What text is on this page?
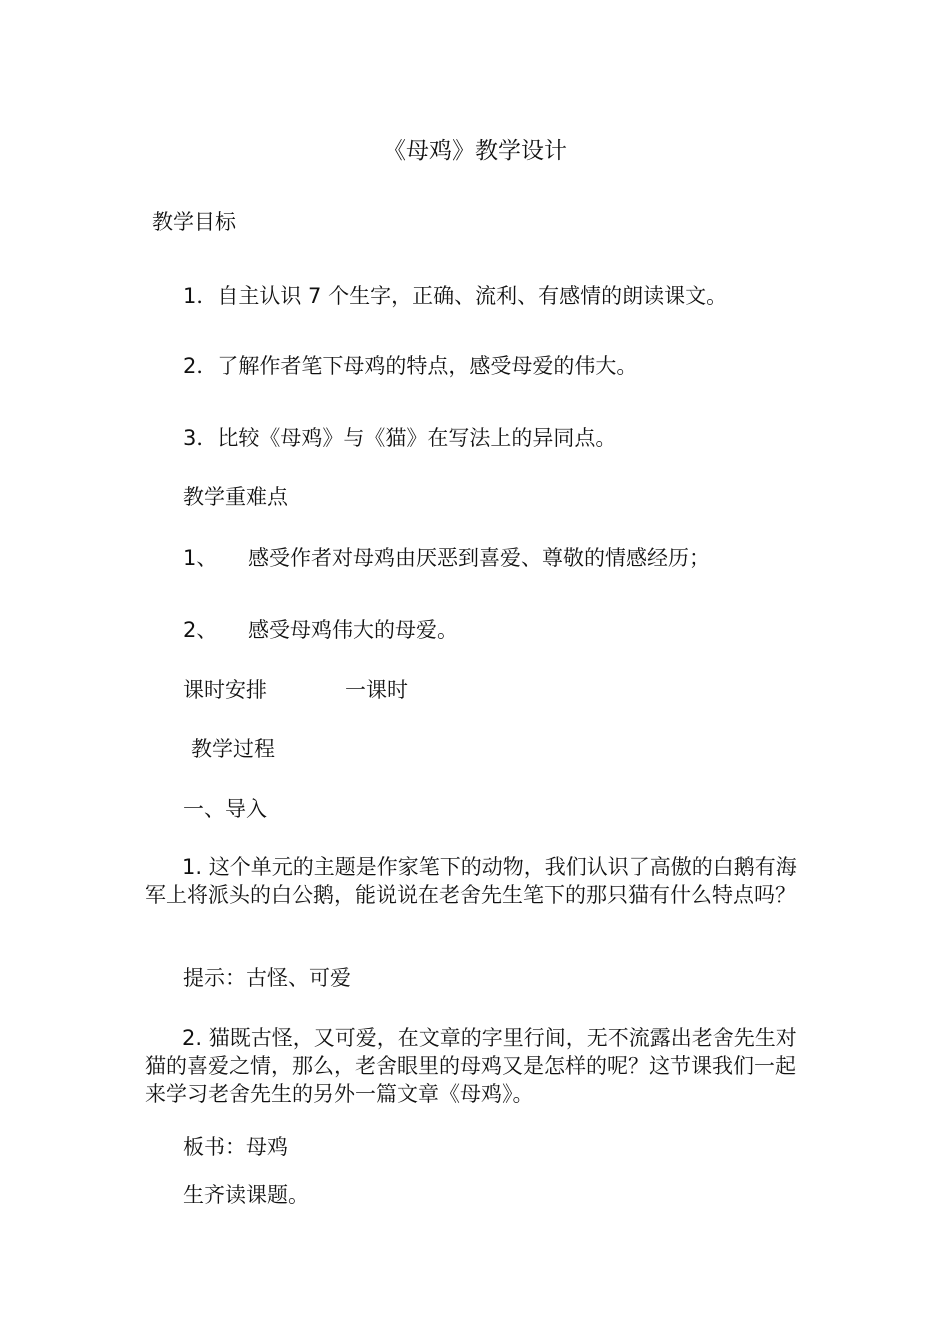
《母鸡》教学设计
教学目标
1．自主认识 7 个生字，正确、流利、有感情的朗读课文。
2．了解作者笔下母鸡的特点，感受母爱的伟大。
3．比较《母鸡》与《猫》在写法上的异同点。
教学重难点
1、 感受作者对母鸡由厌恶到喜爱、尊敬的情感经历；
2、 感受母鸡伟大的母爱。
课时安排	一课时
教学过程
一、导入

1. 这个单元的主题是作家笔下的动物，我们认识了高傲的白鹅有海军上将派头的白公鹅，能说说在老舍先生笔下的那只猫有什么特点吗？

提示：古怪、可爱

2. 猫既古怪，又可爱，在文章的字里行间，无不流露出老舍先生对猫的喜爱之情，那么，老舍眼里的母鸡又是怎样的呢？这节课我们一起来学习老舍先生的另外一篇文章《母鸡》。

板书：母鸡
生齐读课题。
